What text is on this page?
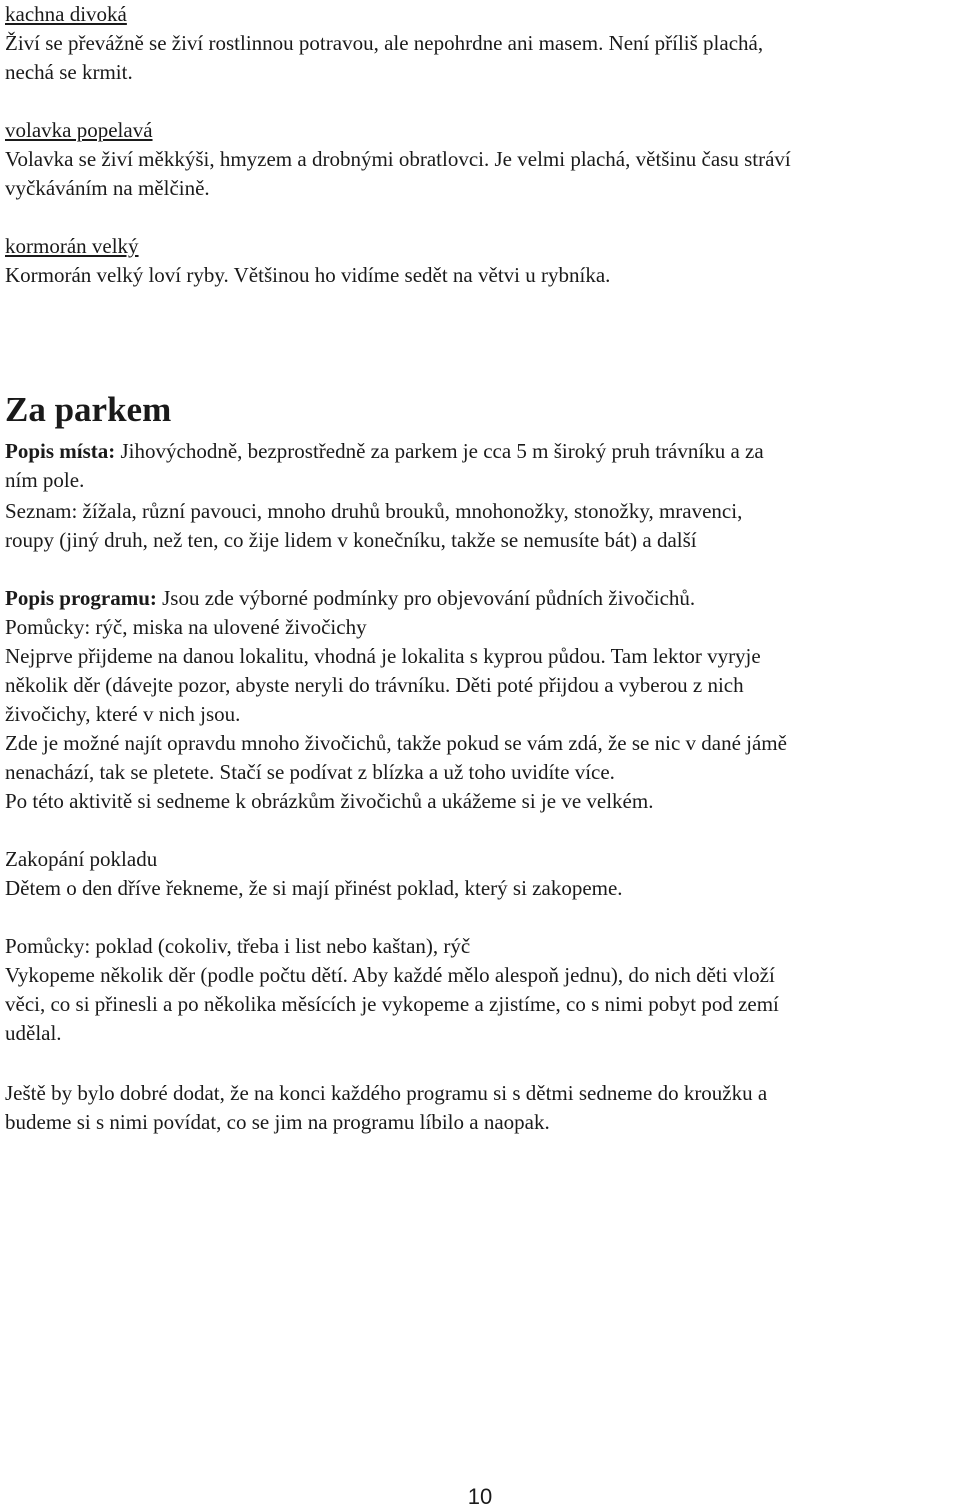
kachna divoká
Živí se převážně se živí rostlinnou potravou, ale nepohrdne ani masem. Není příliš plachá,
nechá se krmit.
volavka popelavá
Volavka se živí měkkýši, hmyzem a drobnými obratlovci. Je velmi plachá, většinu času stráví
vyčkáváním na mělčině.
kormorán velký
Kormorán velký loví ryby. Většinou ho vidíme sedět na větvi u rybníka.
Za parkem
Popis místa: Jihovýchodně, bezprostředně za parkem je cca 5 m široký pruh trávníku a za
ním pole.
Seznam: žížala, různí pavouci, mnoho druhů brouků, mnohonožky, stonožky, mravenci,
roupy (jiný druh, než ten, co žije lidem v konečníku, takže se nemusíte bát) a další
Popis programu: Jsou zde výborné podmínky pro objevování půdních živočichů.
Pomůcky: rýč, miska na ulovené živočichy
Nejprve přijdeme na danou lokalitu, vhodná je lokalita s kyprou půdou. Tam lektor vyryje
několik děr (dávejte pozor, abyste neryli do trávníku. Děti poté přijdou a vyberou z nich
živočichy, které v nich jsou.
Zde je možné najít opravdu mnoho živočichů, takže pokud se vám zdá, že se nic v dané jámě
nenachází, tak se pletete. Stačí se podívat z blízka a už toho uvidíte více.
Po této aktivitě si sedneme k obrázkům živočichů a ukážeme si je ve velkém.
Zakopání pokladu
Dětem o den dříve řekneme, že si mají přinést poklad, který si zakopeme.
Pomůcky: poklad (cokoliv, třeba i list nebo kaštan), rýč
Vykopeme několik děr (podle počtu dětí. Aby každé mělo alespoň jednu), do nich děti vloží
věci, co si přinesli a po několika měsících je vykopeme a zjistíme, co s nimi pobyt pod zemí
udělal.
Ještě by bylo dobré dodat, že na konci každého programu si s dětmi sedneme do kroužku a
budeme si s nimi povídat, co se jim na programu líbilo a naopak.
10
